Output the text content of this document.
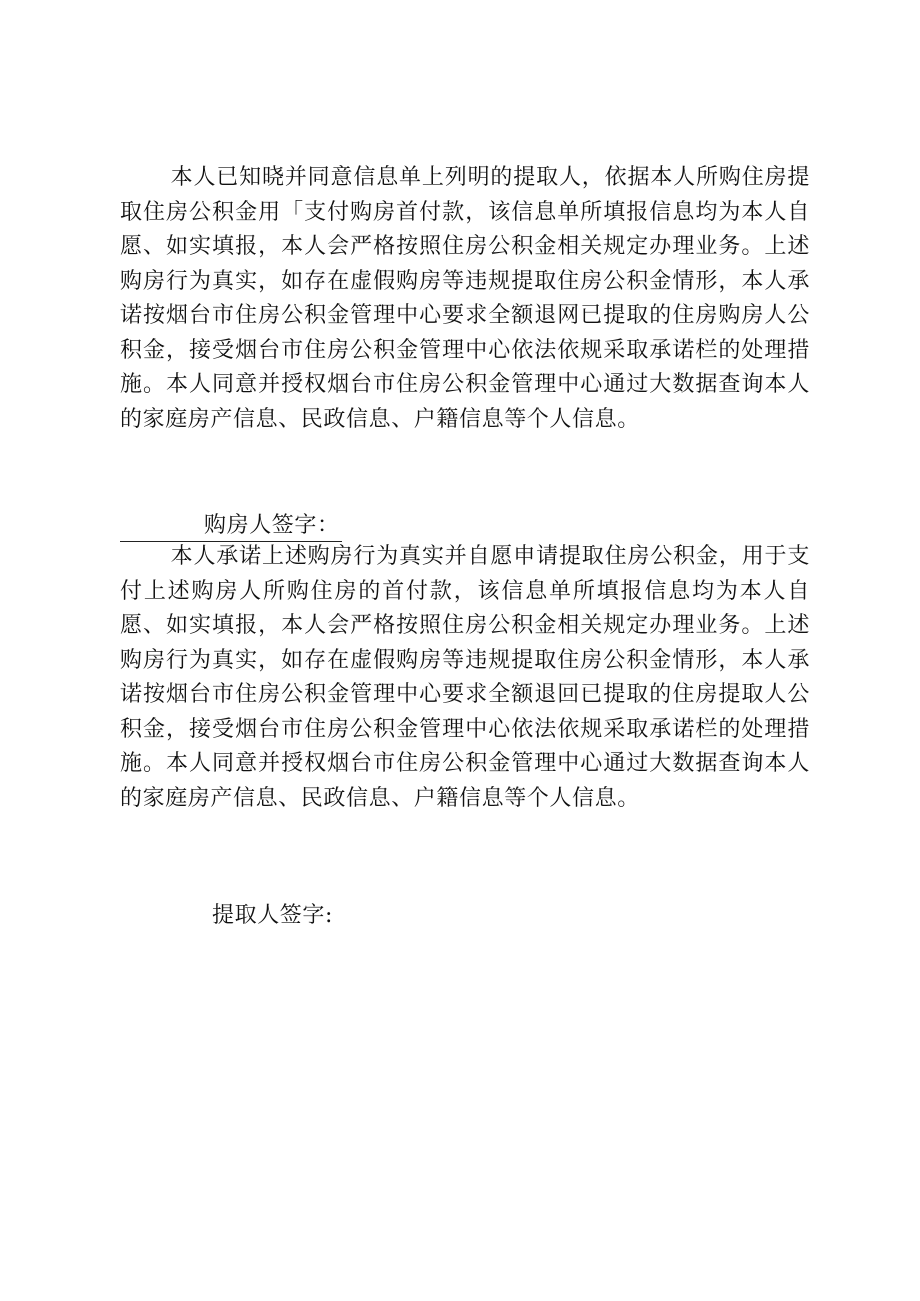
本人已知晓并同意信息单上列明的提取人，依据本人所购住房提取住房公积金用「支付购房首付款，该信息单所填报信息均为本人自愿、如实填报，本人会严格按照住房公积金相关规定办理业务。上述购房行为真实，如存在虚假购房等违规提取住房公积金情形，本人承诺按烟台市住房公积金管理中心要求全额退网已提取的住房购房人公积金，接受烟台市住房公积金管理中心依法依规采取承诺栏的处理措施。本人同意并授权烟台市住房公积金管理中心通过大数据查询本人的家庭房产信息、民政信息、户籍信息等个人信息。

购房人签字：

本人承诺上述购房行为真实并自愿申请提取住房公积金，用于支付上述购房人所购住房的首付款，该信息单所填报信息均为本人自愿、如实填报，本人会严格按照住房公积金相关规定办理业务。上述购房行为真实，如存在虚假购房等违规提取住房公积金情形，本人承诺按烟台市住房公积金管理中心要求全额退回已提取的住房提取人公积金，接受烟台市住房公积金管理中心依法依规采取承诺栏的处理措施。本人同意并授权烟台市住房公积金管理中心通过大数据查询本人的家庭房产信息、民政信息、户籍信息等个人信息。

提取人签字:
